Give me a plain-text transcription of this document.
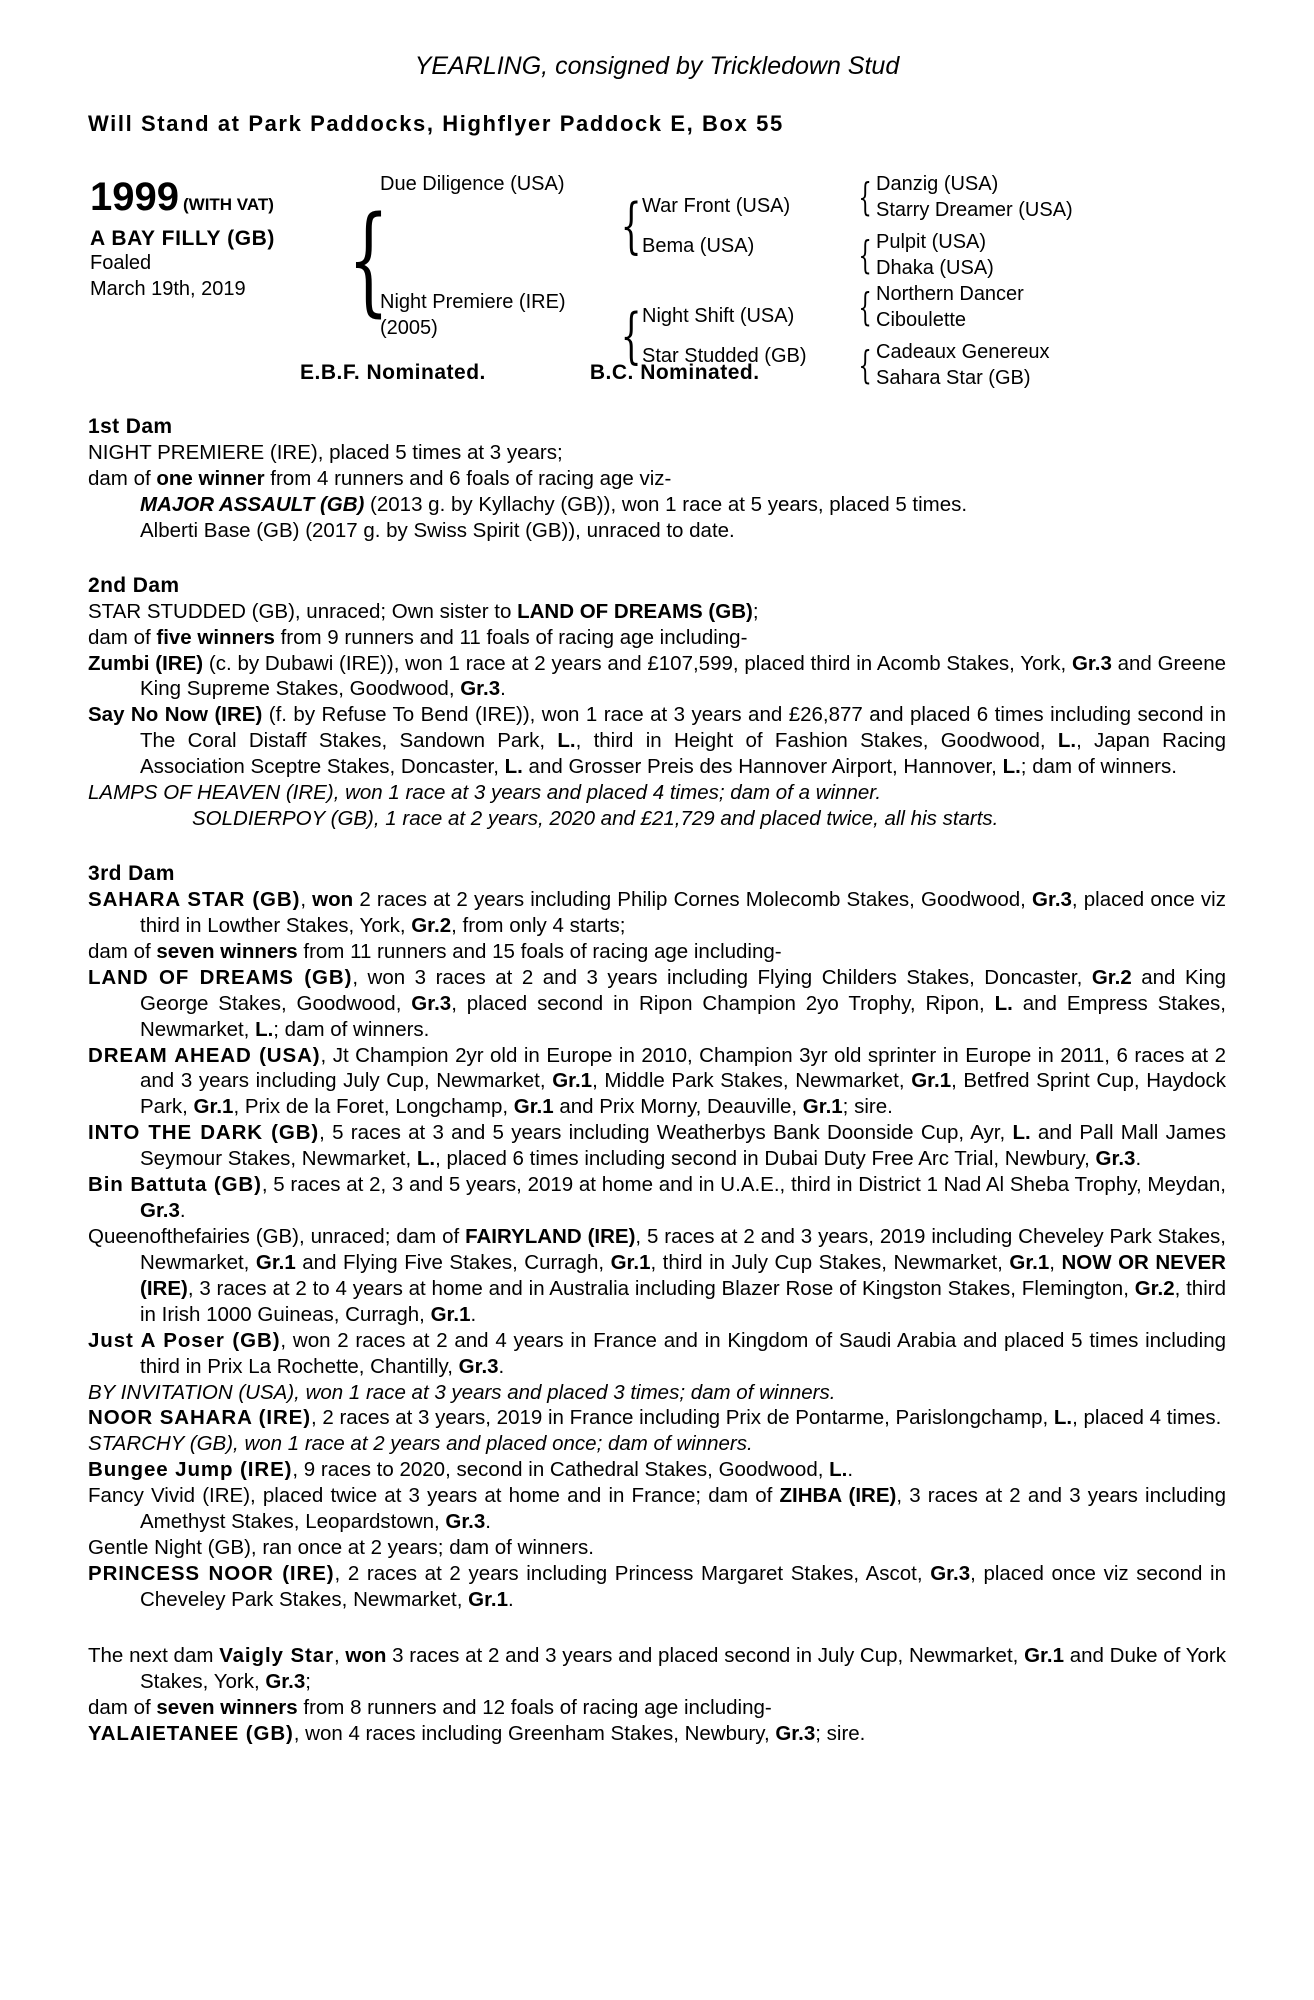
YEARLING, consigned by Trickledown Stud
Will Stand at Park Paddocks, Highflyer Paddock E, Box 55
1999 (WITH VAT)
A BAY FILLY (GB)
Foaled
March 19th, 2019 {
Due Diligence (USA)
Night Premiere (IRE)
(2005)
{ War Front (USA)
Bema (USA)
{ Danzig (USA)
Starry Dreamer (USA)
{ Pulpit (USA)
Dhaka (USA)
{ Night Shift (USA)
Star Studded (GB)
{ Northern Dancer
Ciboulette
{ Cadeaux Genereux
Sahara Star (GB)
E.B.F. Nominated.	B.C. Nominated.
1st Dam

NIGHT PREMIERE (IRE), placed 5 times at 3 years;

dam of one winner from 4 runners and 6 foals of racing age viz-

MAJOR ASSAULT (GB) (2013 g. by Kyllachy (GB)), won 1 race at 5 years, placed 5 times.

Alberti Base (GB) (2017 g. by Swiss Spirit (GB)), unraced to date.

2nd Dam

STAR STUDDED (GB), unraced; Own sister to LAND OF DREAMS (GB);

dam of five winners from 9 runners and 11 foals of racing age including-

Zumbi (IRE) (c. by Dubawi (IRE)), won 1 race at 2 years and £107,599, placed third in Acomb Stakes, York, Gr.3 and Greene King Supreme Stakes, Goodwood, Gr.3.

Say No Now (IRE) (f. by Refuse To Bend (IRE)), won 1 race at 3 years and £26,877 and placed 6 times including second in The Coral Distaff Stakes, Sandown Park, L., third in Height of Fashion Stakes, Goodwood, L., Japan Racing Association Sceptre Stakes, Doncaster, L. and Grosser Preis des Hannover Airport, Hannover, L.; dam of winners.

LAMPS OF HEAVEN (IRE), won 1 race at 3 years and placed 4 times; dam of a winner.

SOLDIERPOY (GB), 1 race at 2 years, 2020 and £21,729 and placed twice, all his starts.

3rd Dam

SAHARA STAR (GB), won 2 races at 2 years including Philip Cornes Molecomb Stakes, Goodwood, Gr.3, placed once viz third in Lowther Stakes, York, Gr.2, from only 4 starts;

dam of seven winners from 11 runners and 15 foals of racing age including-

LAND OF DREAMS (GB), won 3 races at 2 and 3 years including Flying Childers Stakes, Doncaster, Gr.2 and King George Stakes, Goodwood, Gr.3, placed second in Ripon Champion 2yo Trophy, Ripon, L. and Empress Stakes, Newmarket, L.; dam of winners.

DREAM AHEAD (USA), Jt Champion 2yr old in Europe in 2010, Champion 3yr old sprinter in Europe in 2011, 6 races at 2 and 3 years including July Cup, Newmarket, Gr.1, Middle Park Stakes, Newmarket, Gr.1, Betfred Sprint Cup, Haydock Park, Gr.1, Prix de la Foret, Longchamp, Gr.1 and Prix Morny, Deauville, Gr.1; sire.

INTO THE DARK (GB), 5 races at 3 and 5 years including Weatherbys Bank Doonside Cup, Ayr, L. and Pall Mall James Seymour Stakes, Newmarket, L., placed 6 times including second in Dubai Duty Free Arc Trial, Newbury, Gr.3.

Bin Battuta (GB), 5 races at 2, 3 and 5 years, 2019 at home and in U.A.E., third in District 1 Nad Al Sheba Trophy, Meydan, Gr.3.

Queenofthefairies (GB), unraced; dam of FAIRYLAND (IRE), 5 races at 2 and 3 years, 2019 including Cheveley Park Stakes, Newmarket, Gr.1 and Flying Five Stakes, Curragh, Gr.1, third in July Cup Stakes, Newmarket, Gr.1, NOW OR NEVER (IRE), 3 races at 2 to 4 years at home and in Australia including Blazer Rose of Kingston Stakes, Flemington, Gr.2, third in Irish 1000 Guineas, Curragh, Gr.1.

Just A Poser (GB), won 2 races at 2 and 4 years in France and in Kingdom of Saudi Arabia and placed 5 times including third in Prix La Rochette, Chantilly, Gr.3.

BY INVITATION (USA), won 1 race at 3 years and placed 3 times; dam of winners.

NOOR SAHARA (IRE), 2 races at 3 years, 2019 in France including Prix de Pontarme, Parislongchamp, L., placed 4 times.

STARCHY (GB), won 1 race at 2 years and placed once; dam of winners.

Bungee Jump (IRE), 9 races to 2020, second in Cathedral Stakes, Goodwood, L..

Fancy Vivid (IRE), placed twice at 3 years at home and in France; dam of ZIHBA (IRE), 3 races at 2 and 3 years including Amethyst Stakes, Leopardstown, Gr.3.

Gentle Night (GB), ran once at 2 years; dam of winners.

PRINCESS NOOR (IRE), 2 races at 2 years including Princess Margaret Stakes, Ascot, Gr.3, placed once viz second in Cheveley Park Stakes, Newmarket, Gr.1.

The next dam Vaigly Star, won 3 races at 2 and 3 years and placed second in July Cup, Newmarket, Gr.1 and Duke of York Stakes, York, Gr.3;

dam of seven winners from 8 runners and 12 foals of racing age including-

YALAIETANEE (GB), won 4 races including Greenham Stakes, Newbury, Gr.3; sire.
